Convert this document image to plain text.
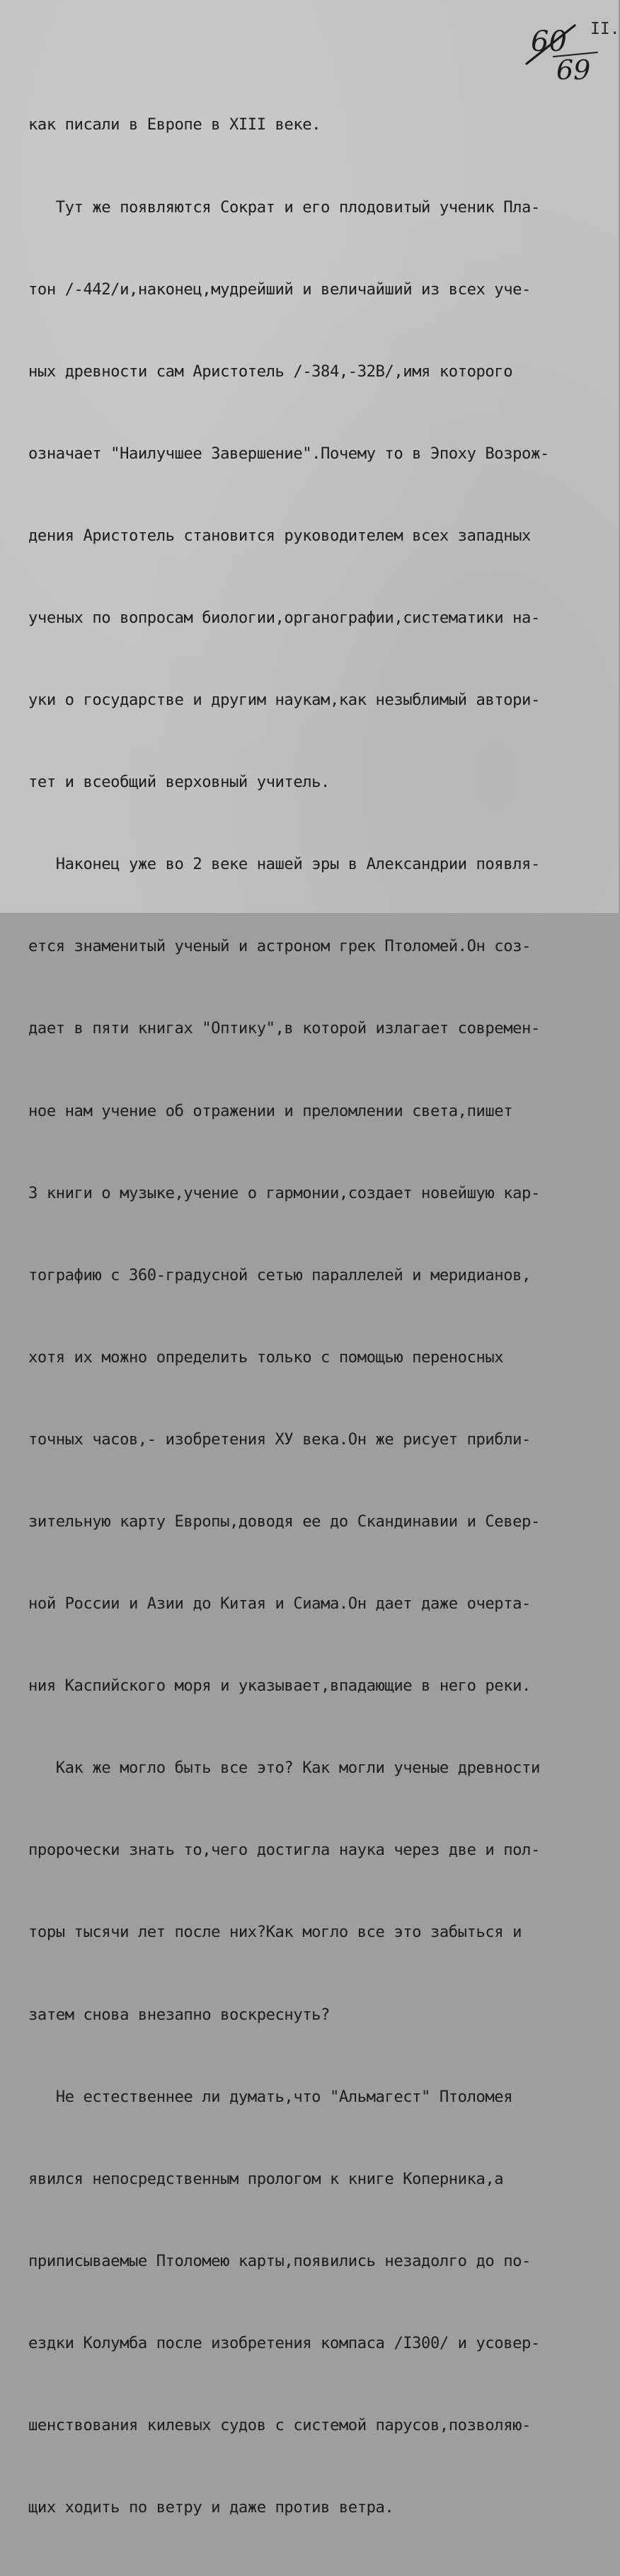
II.
60
69

как писали в Европе в XIII веке.

Тут же появляются Сократ и его плодовитый ученик Пла-

тон /-442/и,наконец,мудрейший и величайший из всех уче-

ных древности сам Аристотель /-384,-32В/,имя которого

означает "Наилучшее Завершение".Почему то в Эпоху Возрож-

дения Аристотель становится руководителем всех западных

ученых по вопросам биологии,органографии,систематики на-

уки о государстве и другим наукам,как незыблимый автори-

тет и всеобщий верховный учитель.

Наконец уже во 2 веке нашей эры в Александрии появля-

ется знаменитый ученый и астроном грек Птоломей.Он соз-

дает в пяти книгах "Оптику",в которой излагает современ-

ное нам учение об отражении и преломлении света,пишет

3 книги о музыке,учение о гармонии,создает новейшую кар-

тографию с 360-градусной сетью параллелей и меридианов,

хотя их можно определить только с помощью переносных

точных часов,- изобретения ХУ века.Он же рисует прибли-

зительную карту Европы,доводя ее до Скандинавии и Север-

ной России и Азии до Китая и Сиама.Он дает даже очерта-

ния Каспийского моря и указывает,впадающие в него реки.

Как же могло быть все это? Как могли ученые древности

пророчески знать то,чего достигла наука через две и пол-

торы тысячи лет после них?Как могло все это забыться и

затем снова внезапно воскреснуть?

Не естественнее ли думать,что "Альмагест" Птоломея

явился непосредственным прологом к книге Коперника,а

приписываемые Птоломею карты,появились незадолго до по-

ездки Колумба после изобретения компаса /I300/ и усовер-

шенствования килевых судов с системой парусов,позволяю-

щих ходить по ветру и даже против ветра.
